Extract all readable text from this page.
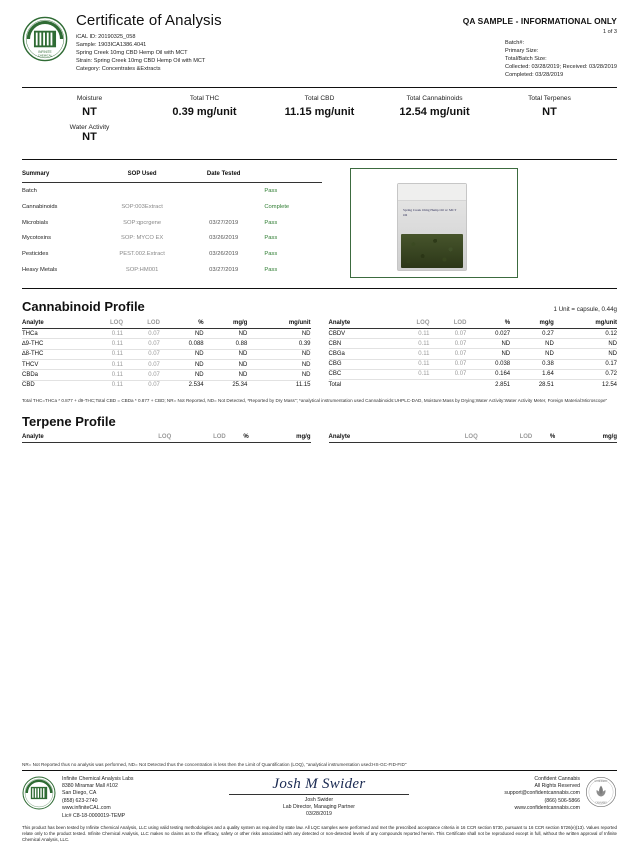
INFINITE
CHEMICAL
Certificate of Analysis
iCAL ID: 20190325_058
Sample: 1903ICA1386.4041
Spring Creek 10mg CBD Hemp Oil with MCT
Strain: Spring Creek 10mg CBD Hemp Oil with MCT
Category: Concentrates &Extracts
QA SAMPLE - INFORMATIONAL ONLY
1 of 3
Batch#:
Primary Size:
Total/Batch Size:
Collected: 03/28/2019; Received: 03/28/2019
Completed: 03/28/2019
Moisture
NT
Water Activity
NT
Total THC
0.39 mg/unit
Total CBD
11.15 mg/unit
Total Cannabinoids
12.54 mg/unit
Total Terpenes
NT
Summary	SOP Used	Date Tested	
Batch			Pass
Cannabinoids	SOP:003Extract		Complete
Microbials	SOP:qpcrgene	03/27/2019	Pass
Mycotoxins	SOP: MYCO EX	03/26/2019	Pass
Pesticides	PEST.002.Extract	03/26/2019	Pass
Heavy Metals	SOP:HM001	03/27/2019	Pass
Spring Creek 10mg Hemp Oil w/ MCT Oil
1 Unit = capsule, 0.44g
Cannabinoid Profile
Analyte	LOQ	LOD	%	mg/g	mg/unit
THCa	0.11	0.07	ND	ND	ND
∆9-THC	0.11	0.07	0.088	0.88	0.39
∆8-THC	0.11	0.07	ND	ND	ND
THCV	0.11	0.07	ND	ND	ND
CBDa	0.11	0.07	ND	ND	ND
CBD	0.11	0.07	2.534	25.34	11.15
Analyte	LOQ	LOD	%	mg/g	mg/unit
CBDV	0.11	0.07	0.027	0.27	0.12
CBN	0.11	0.07	ND	ND	ND
CBGa	0.11	0.07	ND	ND	ND
CBG	0.11	0.07	0.038	0.38	0.17
CBC	0.11	0.07	0.164	1.64	0.72
Total			2.851	28.51	12.54
Total THC=THCa * 0.877 + d9-THC;Total CBD = CBDa * 0.877 + CBD; NR= Not Reported, ND= Not Detected, *Reported by Dry Mass"; *analytical instrumentation used Cannabinoids:UHPLC-DAD, Moisture:Mass by Drying;Water Activity:Water Activity Meter, Foreign Material:Microscope"
Terpene Profile
Analyte	LOQ	LOD	%	mg/g	Analyte	LOQ	LOD	%	mg/g
NR= Not Reported thus no analysis was performed, ND= Not Detected thus the concentration is less then the Limit of Quantification (LOQ), "analytical instrumentation used:HS-GC-FID-FID"
Infinite Chemical Analysis Labs
8380 Miramar Mall #102
San Diego, CA
(858) 623-2740
www.infiniteCAL.com
Lic# C8-18-0000019-TEMP
Josh M Swider
Josh Swider
Lab Director, Managing Partner
03/28/2019
Confident Cannabis
All Rights Reserved
support@confidentcannabis.com
(866) 506-5866
www.confidentcannabis.com
CONFIDENT
CANNABIS
This product has been tested by Infinite Chemical Analysis, LLC using valid testing methodologies and a quality system as required by state law. All LQC samples were performed and met the prescribed acceptance criteria in 16 CCR section 5730, pursuant to 16 CCR section 5726(e)(13). Values reported relate only to the product tested. Infinite Chemical Analysis, LLC makes no claims as to the efficacy, safety or other risks associated with any detected or non-detected levels of any compounds reported herein. This Certificate shall not be reproduced except in full, without the written approval of Infinite Chemical Analysis, LLC.
